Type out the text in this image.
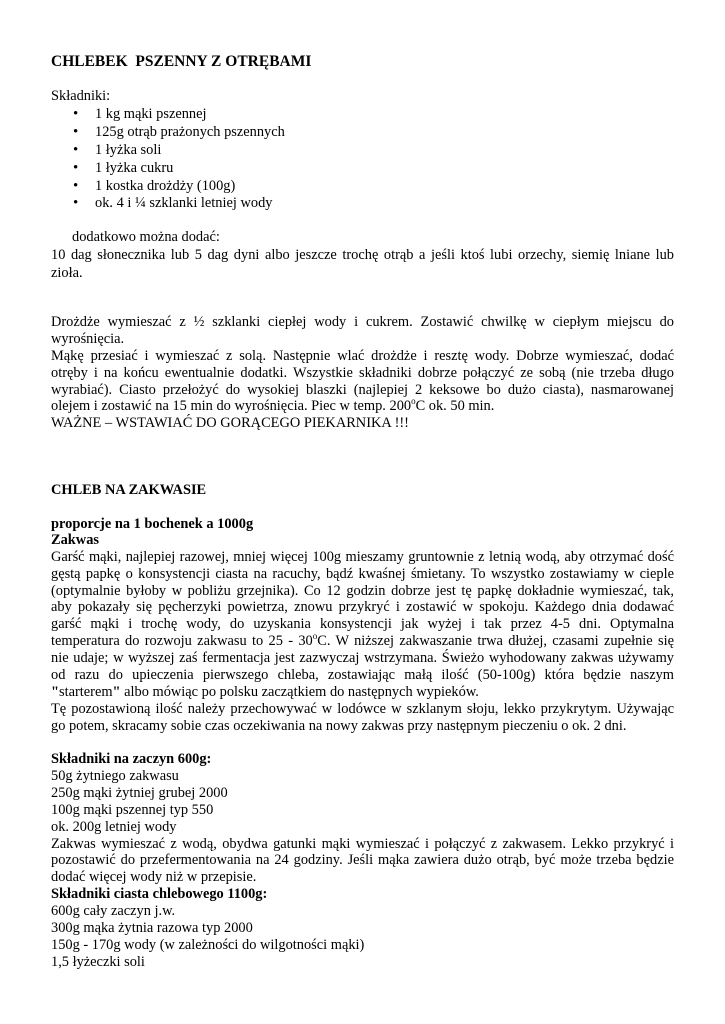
CHLEBEK  PSZENNY Z OTRĘBAMI
Składniki:
• 1 kg mąki pszennej
• 125g otrąb prażonych pszennych
• 1 łyżka soli
• 1 łyżka cukru
• 1 kostka drożdży (100g)
• ok. 4 i ¼ szklanki letniej wody
dodatkowo można dodać:
10 dag słonecznika lub 5 dag dyni albo jeszcze trochę otrąb a jeśli ktoś lubi orzechy, siemię lniane lub
zioła.
Drożdże wymieszać z ½ szklanki ciepłej wody i cukrem. Zostawić chwilkę w ciepłym miejscu do
wyrośnięcia.
Mąkę przesiać i wymieszać z solą. Następnie wlać drożdże i resztę wody. Dobrze wymieszać, dodać
otręby i na końcu ewentualnie dodatki. Wszystkie składniki dobrze połączyć ze sobą (nie trzeba długo
wyrabiać). Ciasto przełożyć do wysokiej blaszki (najlepiej 2 keksowe bo dużo ciasta), nasmarowanej
olejem i zostawić na 15 min do wyrośnięcia. Piec w temp. 200$^o$C ok. 50 min.
WAŻNE – WSTAWIAĆ DO GORĄCEGO PIEKARNIKA !!!
CHLEB NA ZAKWASIE
proporcje na 1 bochenek a 1000g
Zakwas
Garść mąki, najlepiej razowej, mniej więcej 100g mieszamy gruntownie z letnią wodą, aby otrzymać dość
gęstą papkę o konsystencji ciasta na racuchy, bądź kwaśnej śmietany. To wszystko zostawiamy w cieple
(optymalnie byłoby w pobliżu grzejnika). Co 12 godzin dobrze jest tę papkę dokładnie wymieszać, tak,
aby pokazały się pęcherzyki powietrza, znowu przykryć i zostawić w spokoju. Każdego dnia dodawać
garść mąki i trochę wody, do uzyskania konsystencji jak wyżej i tak przez 4-5 dni. Optymalna
temperatura do rozwoju zakwasu to 25 - 30$^o$C. W niższej zakwaszanie trwa dłużej, czasami zupełnie się
nie udaje; w wyższej zaś fermentacja jest zazwyczaj wstrzymana. Świeżo wyhodowany zakwas używamy
od razu do upieczenia pierwszego chleba, zostawiając małą ilość (50-100g) która będzie naszym
"starterem" albo mówiąc po polsku zaczątkiem do następnych wypieków.
Tę pozostawioną ilość należy przechowywać w lodówce w szklanym słoju, lekko przykrytym. Używając
go potem, skracamy sobie czas oczekiwania na nowy zakwas przy następnym pieczeniu o ok. 2 dni.
Składniki na zaczyn 600g:
50g żytniego zakwasu
250g mąki żytniej grubej 2000
100g mąki pszennej typ 550
ok. 200g letniej wody
Zakwas wymieszać z wodą, obydwa gatunki mąki wymieszać i połączyć z zakwasem. Lekko przykryć i
pozostawić do przefermentowania na 24 godziny. Jeśli mąka zawiera dużo otrąb, być może trzeba będzie
dodać więcej wody niż w przepisie.
Składniki ciasta chlebowego 1100g:
600g cały zaczyn j.w.
300g mąka żytnia razowa typ 2000
150g - 170g wody (w zależności do wilgotności mąki)
1,5 łyżeczki soli
